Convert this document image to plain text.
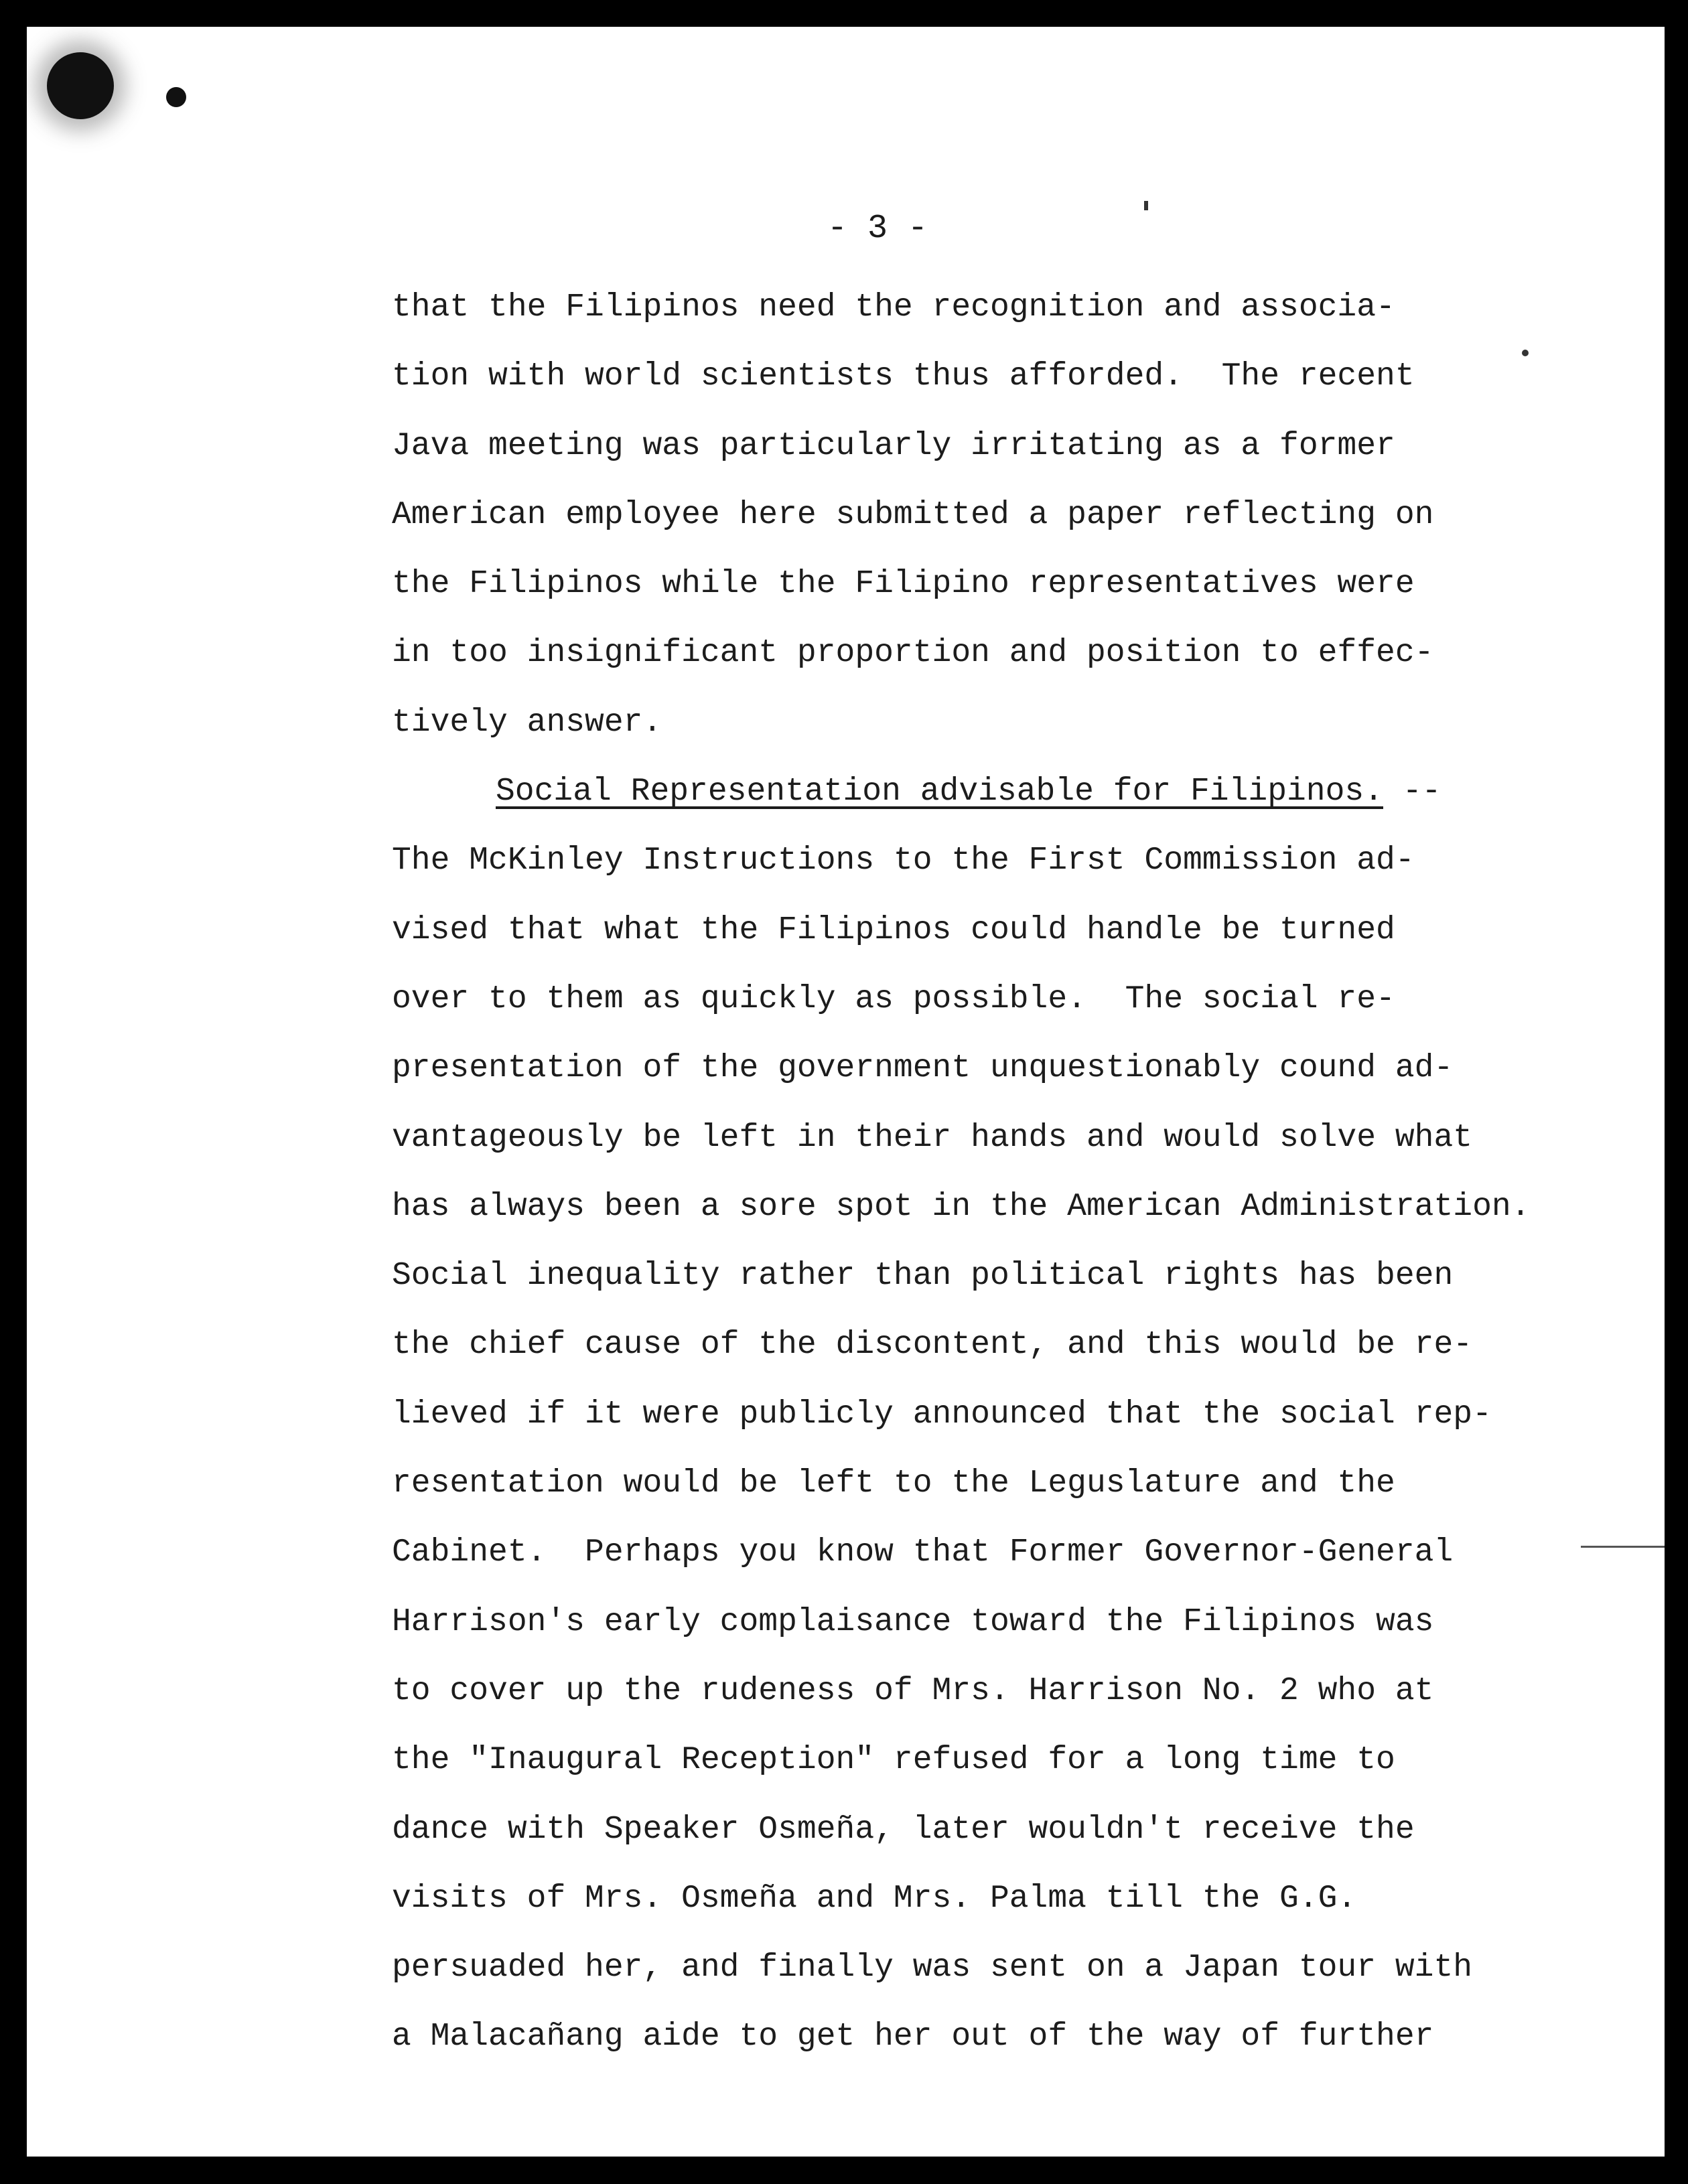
- 3 -
that the Filipinos need the recognition and associa-
tion with world scientists thus afforded.  The recent
Java meeting was particularly irritating as a former
American employee here submitted a paper reflecting on
the Filipinos while the Filipino representatives were
in too insignificant proportion and position to effec-
tively answer.
Social Representation advisable for Filipinos. --
The McKinley Instructions to the First Commission ad-
vised that what the Filipinos could handle be turned
over to them as quickly as possible.  The social re-
presentation of the government unquestionably cound ad-
vantageously be left in their hands and would solve what
has always been a sore spot in the American Administration.
Social inequality rather than political rights has been
the chief cause of the discontent, and this would be re-
lieved if it were publicly announced that the social rep-
resentation would be left to the Leguslature and the
Cabinet.  Perhaps you know that Former Governor-General
Harrison's early complaisance toward the Filipinos was
to cover up the rudeness of Mrs. Harrison No. 2 who at
the "Inaugural Reception" refused for a long time to
dance with Speaker Osmeña, later wouldn't receive the
visits of Mrs. Osmeña and Mrs. Palma till the G.G.
persuaded her, and finally was sent on a Japan tour with
a Malacañang aide to get her out of the way of further
